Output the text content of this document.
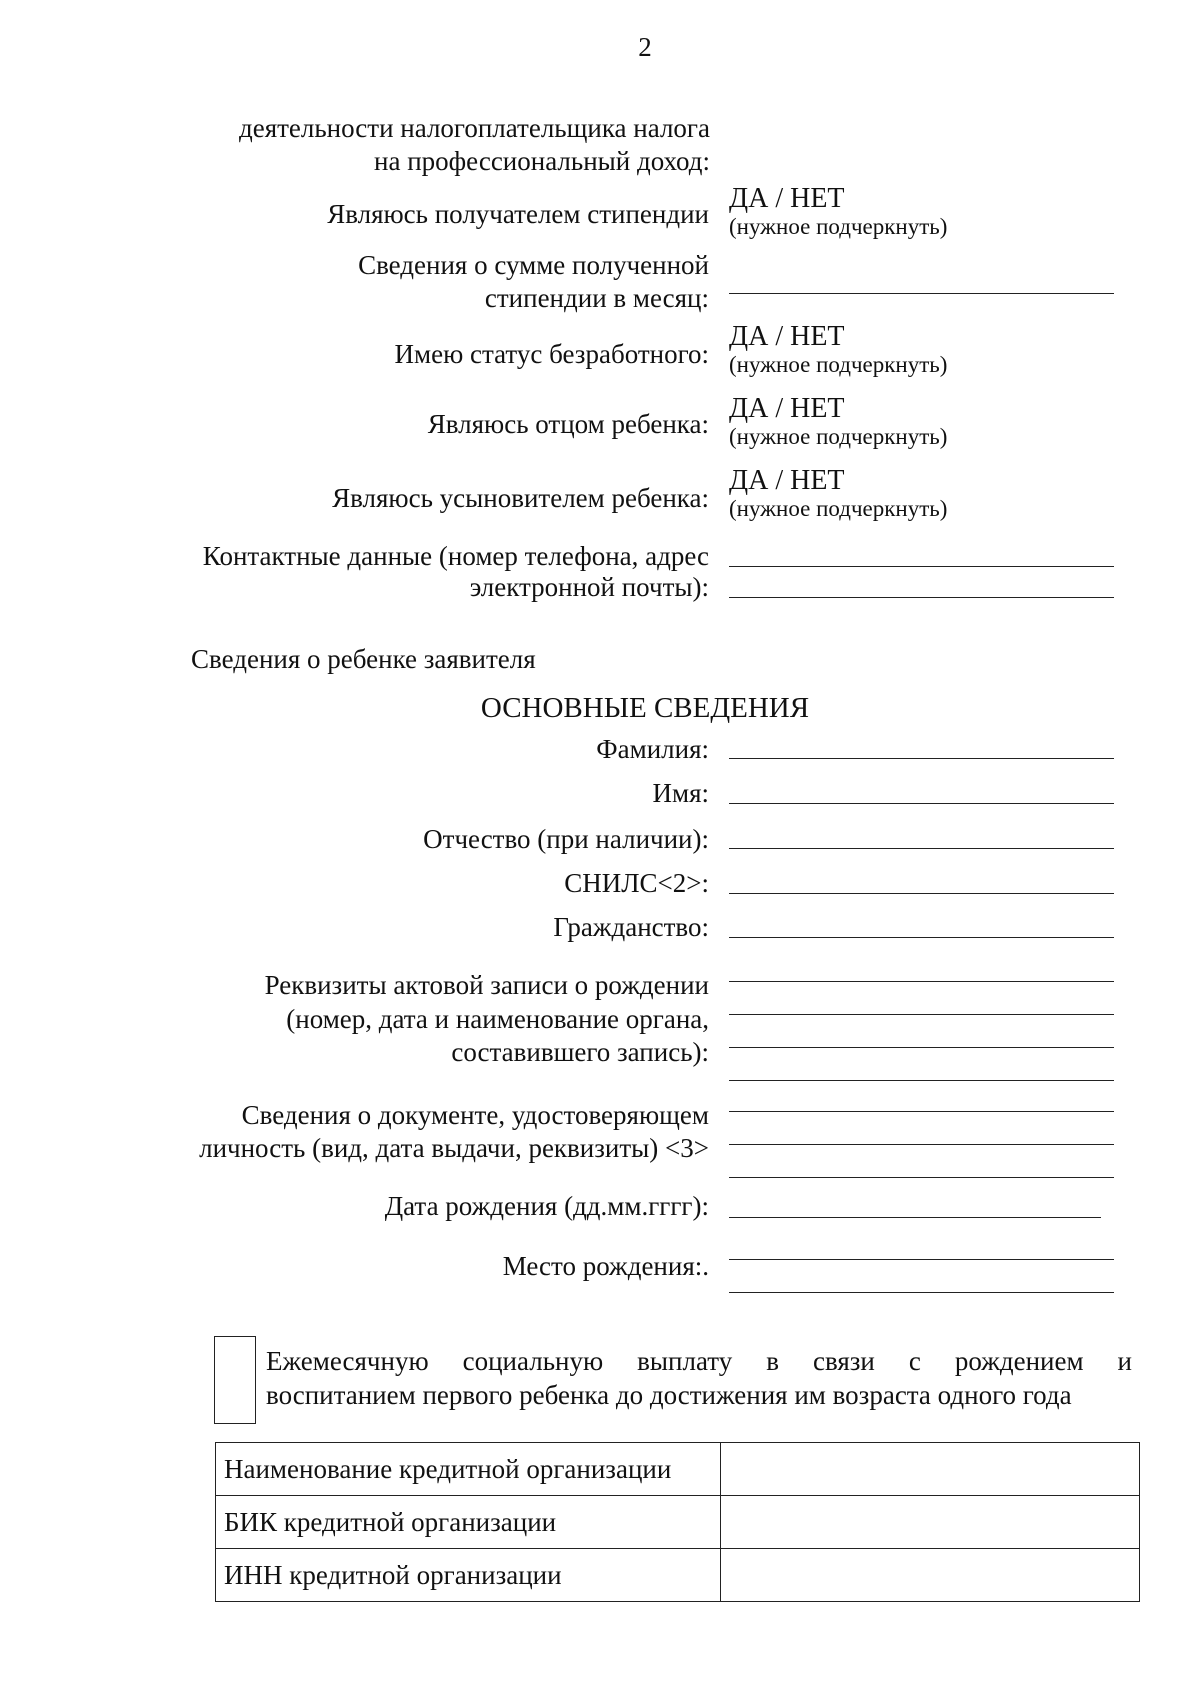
2
деятельности налогоплательщика налога
на профессиональный доход:
Являюсь получателем стипендии ДА / НЕТ
(нужное подчеркнуть)
Сведения о сумме полученной
стипендии в месяц:
Имею статус безработного:
ДА / НЕТ
(нужное подчеркнуть)
Являюсь отцом ребенка: ДА / НЕТ
(нужное подчеркнуть)
Являюсь усыновителем ребенка:
ДА / НЕТ
(нужное подчеркнуть)
Контактные данные (номер телефона, адрес
электронной почты):
Сведения о ребенке заявителя
ОСНОВНЫЕ СВЕДЕНИЯ
Фамилия:
Имя:
Отчество (при наличии):
СНИЛС<2>:
Гражданство:
Реквизиты актовой записи о рождении
(номер, дата и наименование органа,
составившего запись):
Сведения о документе, удостоверяющем
личность (вид, дата выдачи, реквизиты) <3>
Дата рождения (дд.мм.гггг):
Место рождения:.
Ежемесячную социальную выплату в связи с рождением и
воспитанием первого ребенка до достижения им возраста одного года
Наименование кредитной организации	
БИК кредитной организации	
ИНН кредитной организации	
